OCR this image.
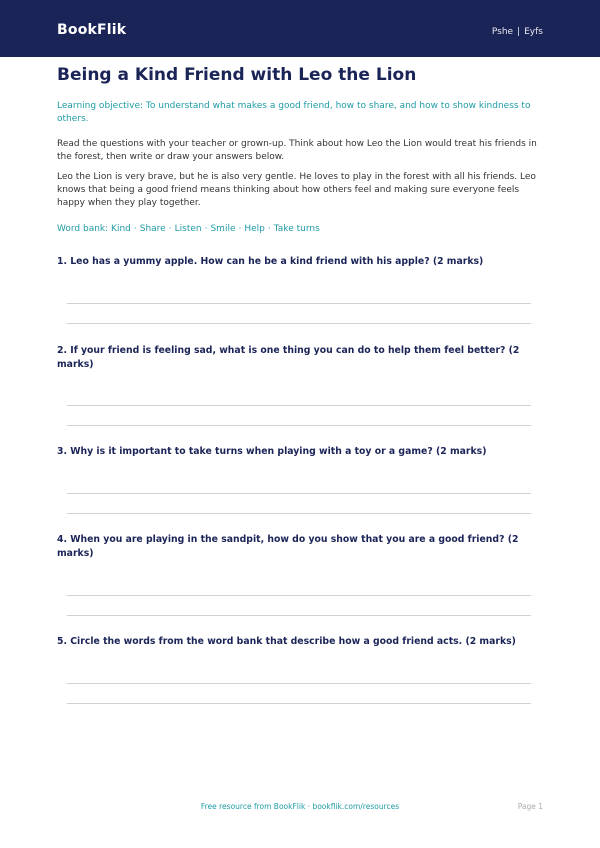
BookFlik	Pshe | Eyfs
Being a Kind Friend with Leo the Lion
Learning objective: To understand what makes a good friend, how to share, and how to show kindness to others.
Read the questions with your teacher or grown-up. Think about how Leo the Lion would treat his friends in the forest, then write or draw your answers below.
Leo the Lion is very brave, but he is also very gentle. He loves to play in the forest with all his friends. Leo knows that being a good friend means thinking about how others feel and making sure everyone feels happy when they play together.
Word bank: Kind · Share · Listen · Smile · Help · Take turns
1. Leo has a yummy apple. How can he be a kind friend with his apple? (2 marks)
2. If your friend is feeling sad, what is one thing you can do to help them feel better? (2 marks)
3. Why is it important to take turns when playing with a toy or a game? (2 marks)
4. When you are playing in the sandpit, how do you show that you are a good friend? (2 marks)
5. Circle the words from the word bank that describe how a good friend acts. (2 marks)
Free resource from BookFlik · bookflik.com/resources	Page 1
